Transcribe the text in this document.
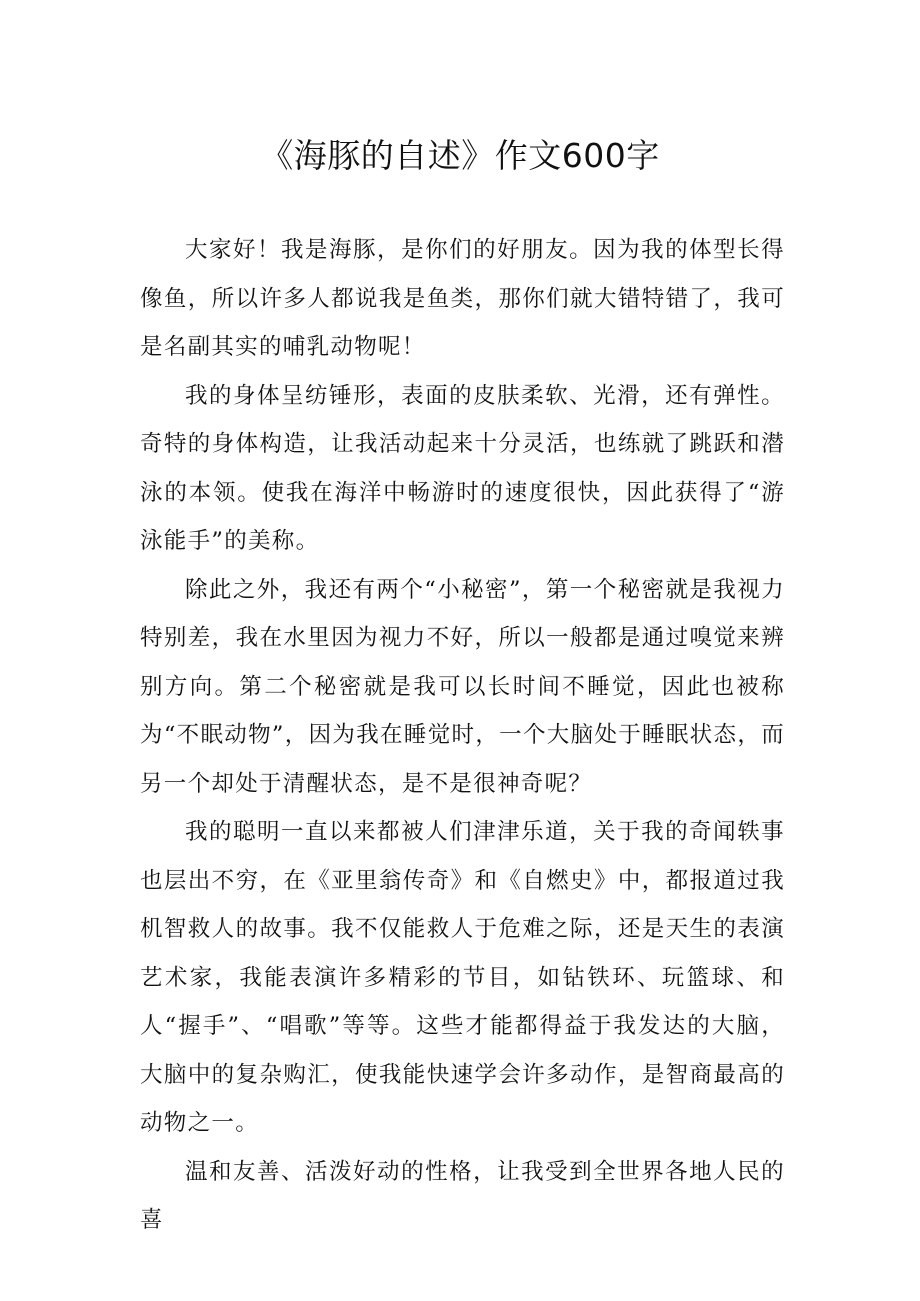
《海豚的自述》作文600字

大家好！我是海豚，是你们的好朋友。因为我的体型长得像鱼，所以许多人都说我是鱼类，那你们就大错特错了，我可是名副其实的哺乳动物呢！

我的身体呈纺锤形，表面的皮肤柔软、光滑，还有弹性。奇特的身体构造，让我活动起来十分灵活，也练就了跳跃和潜泳的本领。使我在海洋中畅游时的速度很快，因此获得了“游泳能手”的美称。

除此之外，我还有两个“小秘密”，第一个秘密就是我视力特别差，我在水里因为视力不好，所以一般都是通过嗅觉来辨别方向。第二个秘密就是我可以长时间不睡觉，因此也被称为“不眠动物”，因为我在睡觉时，一个大脑处于睡眠状态，而另一个却处于清醒状态，是不是很神奇呢？

我的聪明一直以来都被人们津津乐道，关于我的奇闻轶事也层出不穷，在《亚里翁传奇》和《自燃史》中，都报道过我机智救人的故事。我不仅能救人于危难之际，还是天生的表演艺术家，我能表演许多精彩的节目，如钻铁环、玩篮球、和人“握手”、“唱歌”等等。这些才能都得益于我发达的大脑，大脑中的复杂购汇，使我能快速学会许多动作，是智商最高的动物之一。

温和友善、活泼好动的性格，让我受到全世界各地人民的喜
